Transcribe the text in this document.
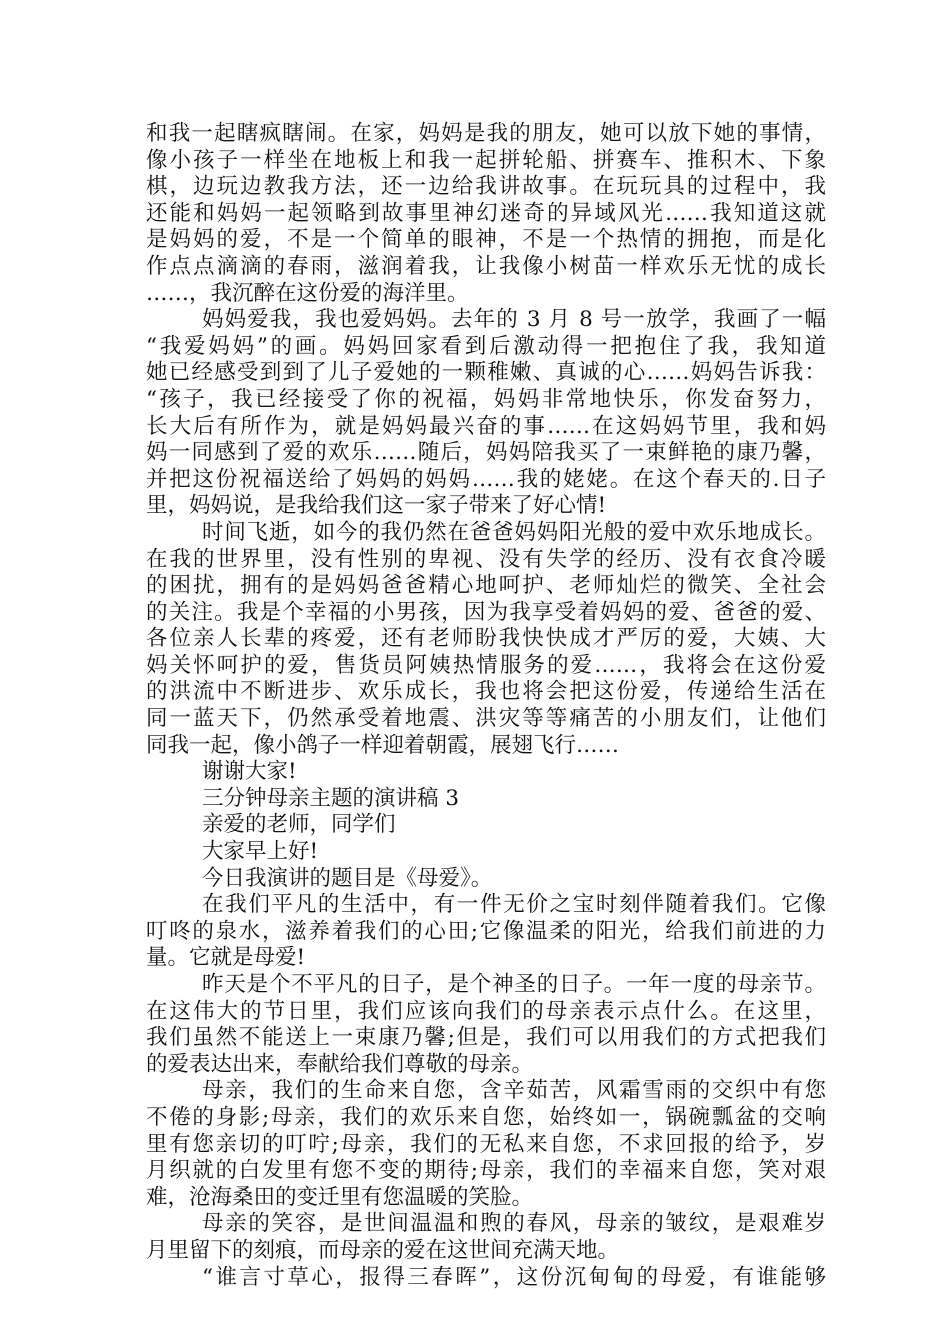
和我一起瞎疯瞎闹。在家，妈妈是我的朋友，她可以放下她的事情，
像小孩子一样坐在地板上和我一起拼轮船、拼赛车、推积木、下象
棋，边玩边教我方法，还一边给我讲故事。在玩玩具的过程中，我
还能和妈妈一起领略到故事里神幻迷奇的异域风光……我知道这就
是妈妈的爱，不是一个简单的眼神，不是一个热情的拥抱，而是化
作点点滴滴的春雨，滋润着我，让我像小树苗一样欢乐无忧的成长
……，我沉醉在这份爱的海洋里。
妈妈爱我，我也爱妈妈。去年的 3 月 8 号一放学，我画了一幅
“我爱妈妈”的画。妈妈回家看到后激动得一把抱住了我，我知道
她已经感受到到了儿子爱她的一颗稚嫩、真诚的心……妈妈告诉我：
“孩子，我已经接受了你的祝福，妈妈非常地快乐，你发奋努力，
长大后有所作为，就是妈妈最兴奋的事……在这妈妈节里，我和妈
妈一同感到了爱的欢乐……随后，妈妈陪我买了一束鲜艳的康乃馨，
并把这份祝福送给了妈妈的妈妈……我的姥姥。在这个春天的.日子
里，妈妈说，是我给我们这一家子带来了好心情!
时间飞逝，如今的我仍然在爸爸妈妈阳光般的爱中欢乐地成长。
在我的世界里，没有性别的卑视、没有失学的经历、没有衣食冷暖
的困扰，拥有的是妈妈爸爸精心地呵护、老师灿烂的微笑、全社会
的关注。我是个幸福的小男孩，因为我享受着妈妈的爱、爸爸的爱、
各位亲人长辈的疼爱，还有老师盼我快快成才严厉的爱，大姨、大
妈关怀呵护的爱，售货员阿姨热情服务的爱……，我将会在这份爱
的洪流中不断进步、欢乐成长，我也将会把这份爱，传递给生活在
同一蓝天下，仍然承受着地震、洪灾等等痛苦的小朋友们，让他们
同我一起，像小鸽子一样迎着朝霞，展翅飞行……
谢谢大家!
三分钟母亲主题的演讲稿 3
亲爱的老师，同学们
大家早上好!
今日我演讲的题目是《母爱》。
在我们平凡的生活中，有一件无价之宝时刻伴随着我们。它像
叮咚的泉水，滋养着我们的心田;它像温柔的阳光，给我们前进的力
量。它就是母爱!
昨天是个不平凡的日子，是个神圣的日子。一年一度的母亲节。
在这伟大的节日里，我们应该向我们的母亲表示点什么。在这里，
我们虽然不能送上一束康乃馨;但是，我们可以用我们的方式把我们
的爱表达出来，奉献给我们尊敬的母亲。
母亲，我们的生命来自您，含辛茹苦，风霜雪雨的交织中有您
不倦的身影;母亲，我们的欢乐来自您，始终如一，锅碗瓢盆的交响
里有您亲切的叮咛;母亲，我们的无私来自您，不求回报的给予，岁
月织就的白发里有您不变的期待;母亲，我们的幸福来自您，笑对艰
难，沧海桑田的变迁里有您温暖的笑脸。
母亲的笑容，是世间温温和煦的春风，母亲的皱纹，是艰难岁
月里留下的刻痕，而母亲的爱在这世间充满天地。
“谁言寸草心，报得三春晖”，这份沉甸甸的母爱，有谁能够
